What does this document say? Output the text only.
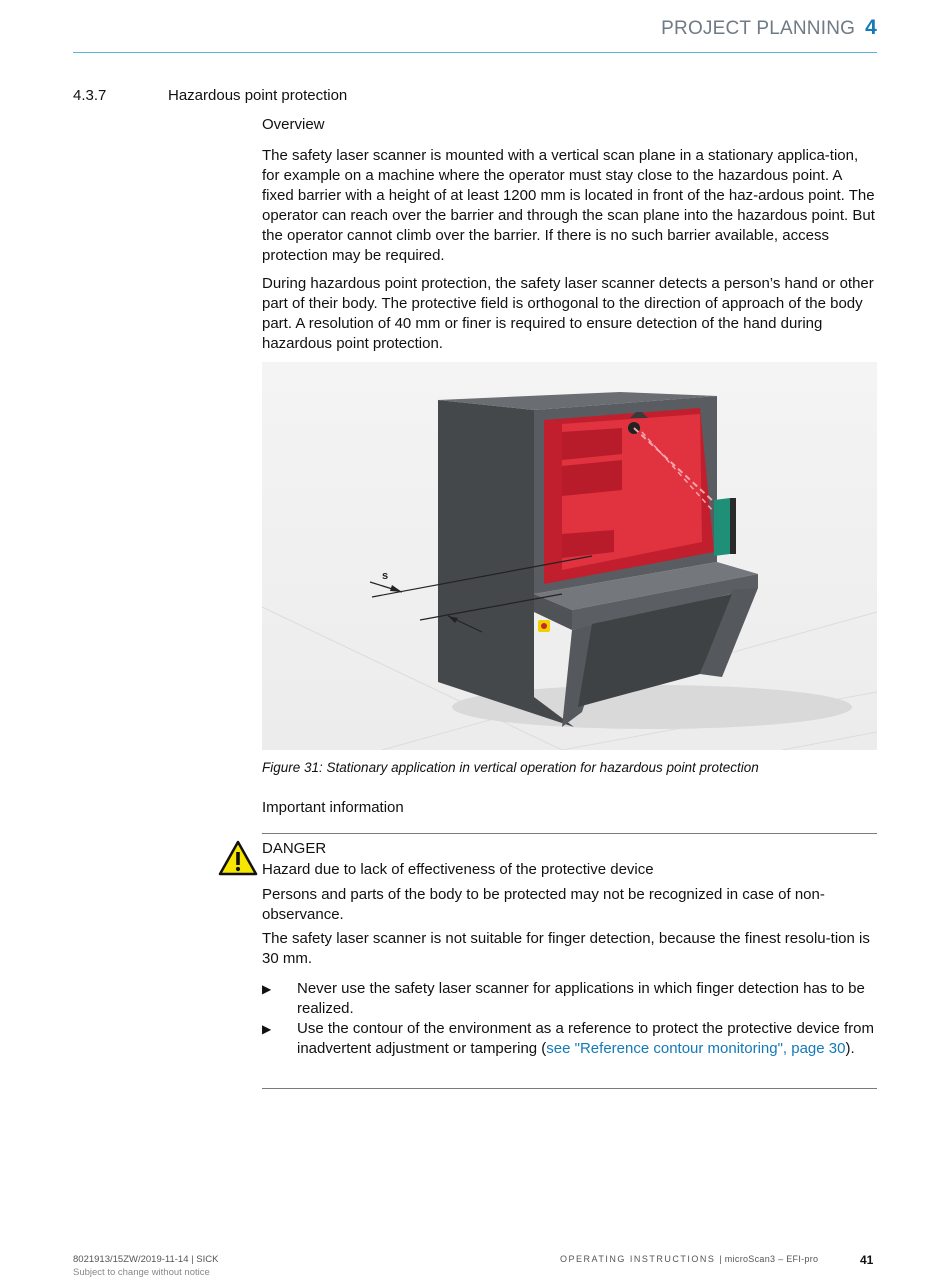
PROJECT PLANNING 4
4.3.7	Hazardous point protection
Overview
The safety laser scanner is mounted with a vertical scan plane in a stationary applica-tion, for example on a machine where the operator must stay close to the hazardous point. A fixed barrier with a height of at least 1200 mm is located in front of the haz-ardous point. The operator can reach over the barrier and through the scan plane into the hazardous point. But the operator cannot climb over the barrier. If there is no such barrier available, access protection may be required.
During hazardous point protection, the safety laser scanner detects a person’s hand or other part of their body. The protective field is orthogonal to the direction of approach of the body part. A resolution of 40 mm or finer is required to ensure detection of the hand during hazardous point protection.
s
Figure 31: Stationary application in vertical operation for hazardous point protection
Important information
DANGER
Hazard due to lack of effectiveness of the protective device
Persons and parts of the body to be protected may not be recognized in case of non-observance.
The safety laser scanner is not suitable for finger detection, because the finest resolu-tion is 30 mm.
▶ Never use the safety laser scanner for applications in which finger detection has to be realized.
▶ Use the contour of the environment as a reference to protect the protective device from inadvertent adjustment or tampering (see "Reference contour monitoring", page 30).
8021913/15ZW/2019-11-14 | SICK
Subject to change without notice
OPERATING INSTRUCTIONS | microScan3 – EFI-pro	41
